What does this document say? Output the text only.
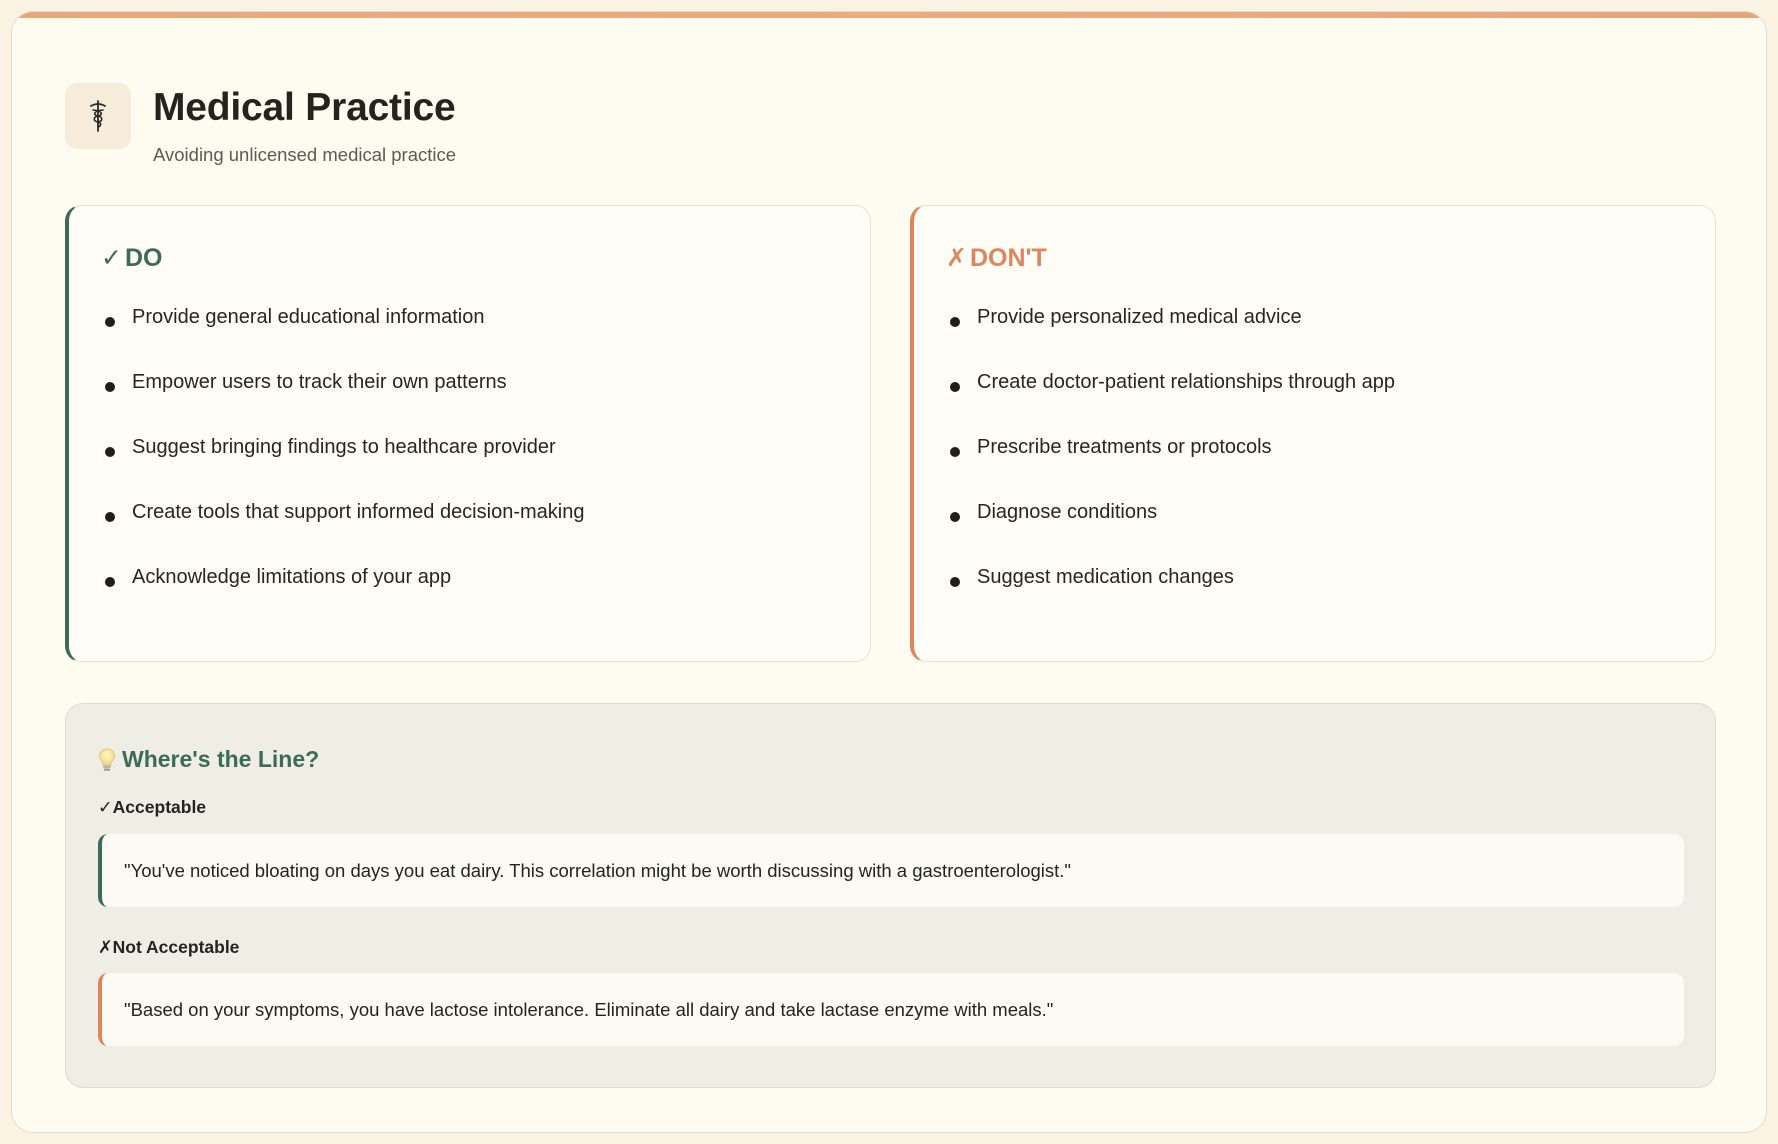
Medical Practice
Avoiding unlicensed medical practice
✓ DO
Provide general educational information
Empower users to track their own patterns
Suggest bringing findings to healthcare provider
Create tools that support informed decision-making
Acknowledge limitations of your app
✗ DON'T
Provide personalized medical advice
Create doctor-patient relationships through app
Prescribe treatments or protocols
Diagnose conditions
Suggest medication changes
Where's the Line?
✓Acceptable
"You've noticed bloating on days you eat dairy. This correlation might be worth discussing with a gastroenterologist."
✗Not Acceptable
"Based on your symptoms, you have lactose intolerance. Eliminate all dairy and take lactase enzyme with meals."
